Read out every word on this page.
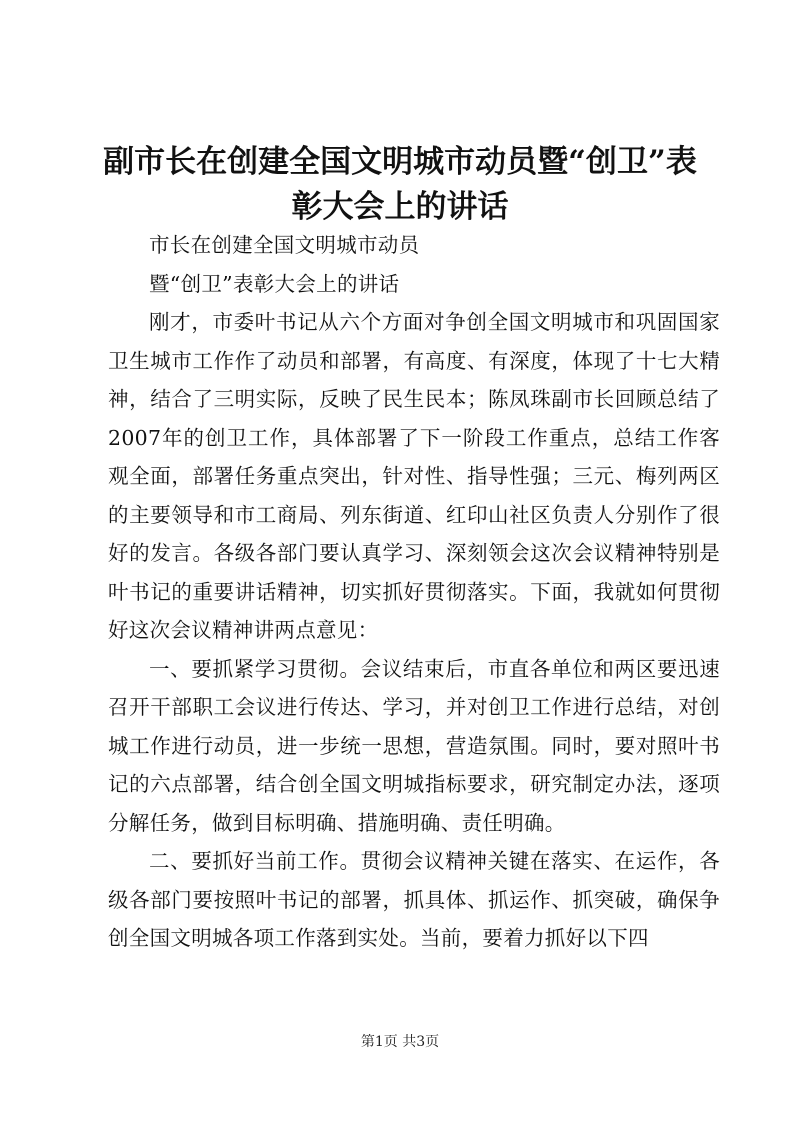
副市长在创建全国文明城市动员暨“创卫”表彰大会上的讲话

市长在创建全国文明城市动员

暨“创卫”表彰大会上的讲话

刚才，市委叶书记从六个方面对争创全国文明城市和巩固国家卫生城市工作作了动员和部署，有高度、有深度，体现了十七大精神，结合了三明实际，反映了民生民本；陈凤珠副市长回顾总结了2007年的创卫工作，具体部署了下一阶段工作重点，总结工作客观全面，部署任务重点突出，针对性、指导性强；三元、梅列两区的主要领导和市工商局、列东街道、红印山社区负责人分别作了很好的发言。各级各部门要认真学习、深刻领会这次会议精神特别是叶书记的重要讲话精神，切实抓好贯彻落实。下面，我就如何贯彻好这次会议精神讲两点意见：

一、要抓紧学习贯彻。会议结束后，市直各单位和两区要迅速召开干部职工会议进行传达、学习，并对创卫工作进行总结，对创城工作进行动员，进一步统一思想，营造氛围。同时，要对照叶书记的六点部署，结合创全国文明城指标要求，研究制定办法，逐项分解任务，做到目标明确、措施明确、责任明确。

二、要抓好当前工作。贯彻会议精神关键在落实、在运作，各级各部门要按照叶书记的部署，抓具体、抓运作、抓突破，确保争创全国文明城各项工作落到实处。当前，要着力抓好以下四

第1页 共3页
